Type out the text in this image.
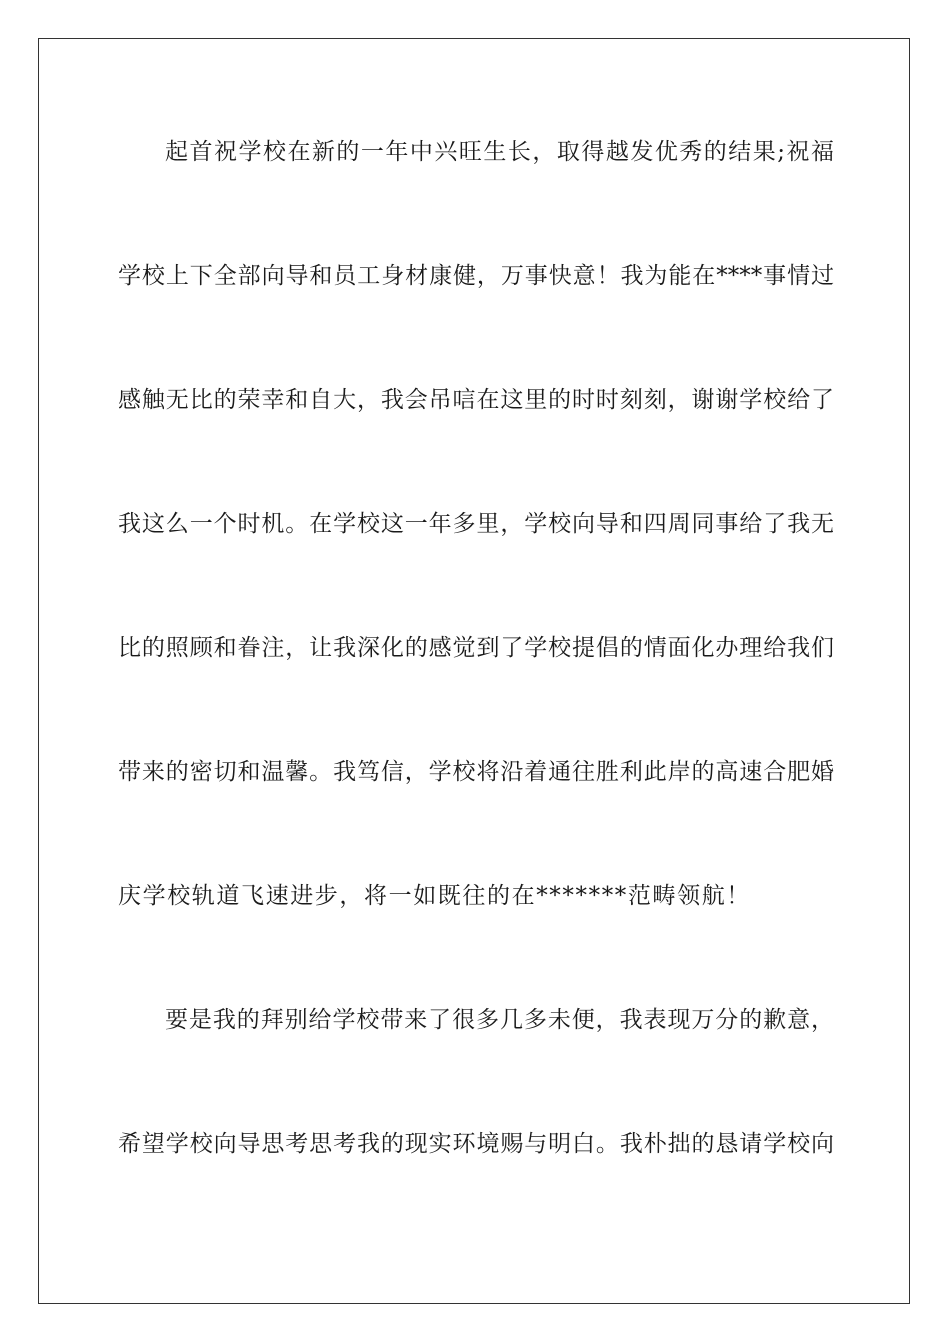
起首祝学校在新的一年中兴旺生长，取得越发优秀的结果;祝福
学校上下全部向导和员工身材康健，万事快意！我为能在****事情过
感触无比的荣幸和自大，我会吊唁在这里的时时刻刻，谢谢学校给了
我这么一个时机。在学校这一年多里，学校向导和四周同事给了我无
比的照顾和眷注，让我深化的感觉到了学校提倡的情面化办理给我们
带来的密切和温馨。我笃信，学校将沿着通往胜利此岸的高速合肥婚
庆学校轨道飞速进步，将一如既往的在*******范畴领航！
要是我的拜别给学校带来了很多几多未便，我表现万分的歉意，
希望学校向导思考思考我的现实环境赐与明白。我朴拙的恳请学校向
